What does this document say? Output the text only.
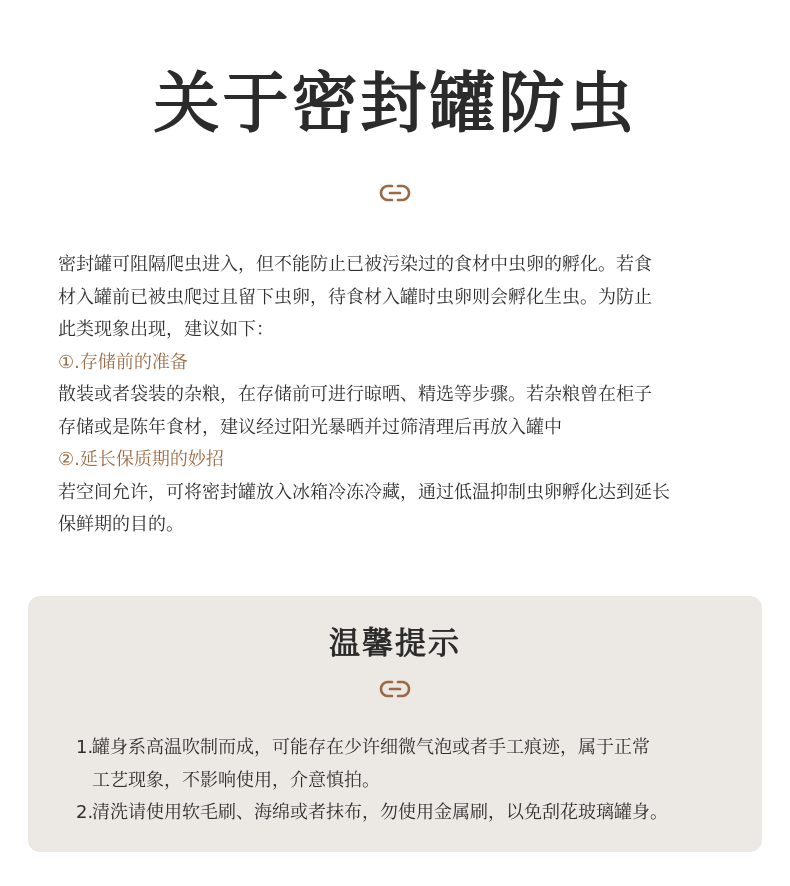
关于密封罐防虫

密封罐可阻隔爬虫进入，但不能防止已被污染过的食材中虫卵的孵化。若食

材入罐前已被虫爬过且留下虫卵，待食材入罐时虫卵则会孵化生虫。为防止

此类现象出现，建议如下：

①.存储前的准备

散装或者袋装的杂粮，在存储前可进行晾晒、精选等步骤。若杂粮曾在柜子

存储或是陈年食材，建议经过阳光暴晒并过筛清理后再放入罐中

②.延长保质期的妙招

若空间允许，可将密封罐放入冰箱冷冻冷藏，通过低温抑制虫卵孵化达到延长

保鲜期的目的。

温馨提示
1.
罐身系高温吹制而成，可能存在少许细微气泡或者手工痕迹，属于正常
工艺现象，不影响使用，介意慎拍。
2.
清洗请使用软毛刷、海绵或者抹布，勿使用金属刷，以免刮花玻璃罐身。
